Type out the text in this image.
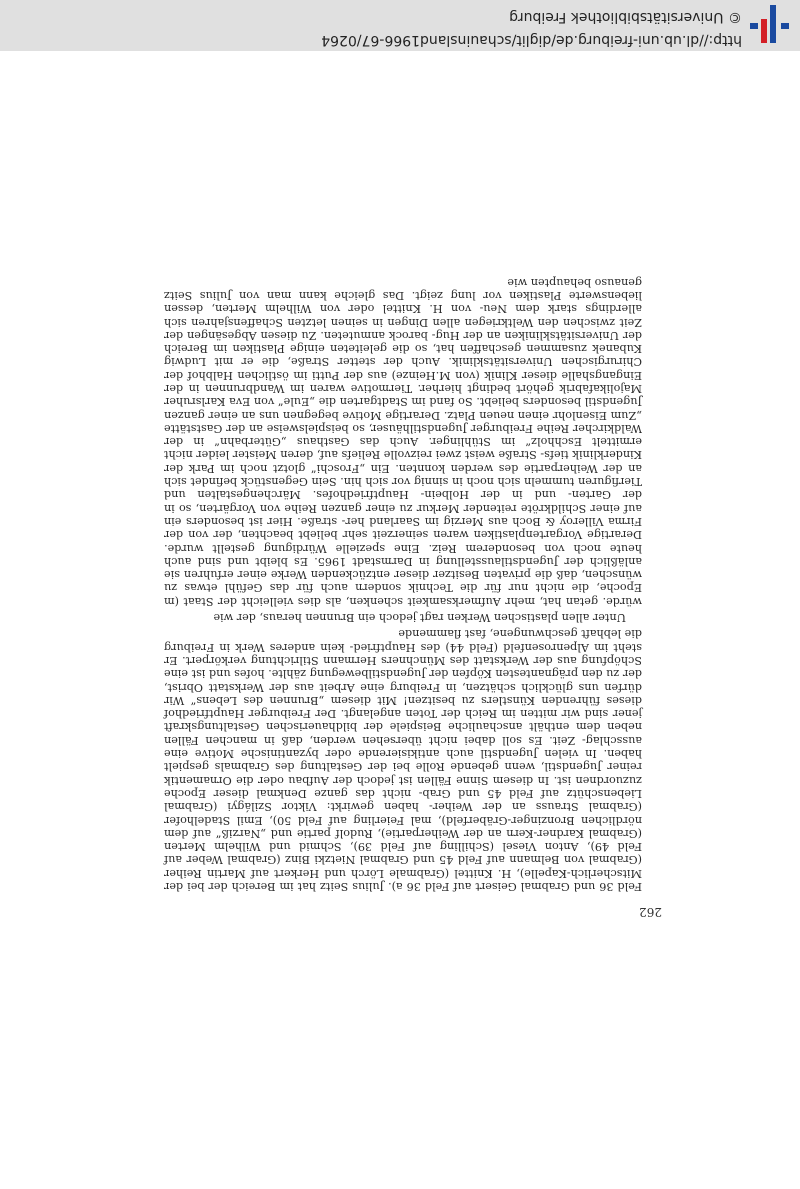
262

Feld 36 und Grabmal Geisert auf Feld 36 a). Julius Seitz hat im Bereich der bei der Mitscherlich-Kapelle), H. Knittel (Grabmale Lörch und Herkert auf Martin Reiher (Grabmal von Belmann auf Feld 45 und Grabmal Nietzki Binz (Grabmal Weber auf Feld 49), Anton Viesel (Schilling auf Feld 39), Schmid und Wilhelm Merten (Grabmal Kardner-Kern an der Weiherpartie), Rudolf partie und „Narziß“ auf dem nördlichen Bronzinger-Gräberfeld), mal Feierling auf Feld 50), Emil Stadelhofer (Grabmal Strauss an der Weiher- haben gewirkt: Viktor Szilágyi (Grabmal Liebenschütz auf Feld 45 und Grab- nicht das ganze Denkmal dieser Epoche zuzuordnen ist. In diesem Sinne Fällen ist jedoch der Aufbau oder die Ornamentik reiner Jugendstil, wenn gebende Rolle bei der Gestaltung des Grabmals gespielt haben. In vielen Jugendstil auch antikisierende oder byzantinische Motive eine ausschlag- Zeit. Es soll dabei nicht übersehen werden, daß in manchen Fällen neben dem enthält anschauliche Beispiele der bildhauerischen Gestaltungskraft jener sind wir mitten im Reich der Toten angelangt. Der Freiburger Hauptfriedhof dieses führenden Künstlers zu besitzen! Mit diesem „Brunnen des Lebens“ Wir dürfen uns glücklich schätzen, in Freiburg eine Arbeit aus der Werkstatt Obrist, der zu den prägnantesten Köpfen der Jugendstilbewegung zählte. hofes und ist eine Schöpfung aus der Werkstatt des Münchners Hermann Stilrichtung verkörpert. Er steht im Alpenrosenfeld (Feld 44) des Hauptfried- kein anderes Werk in Freiburg die lebhaft geschwungene, fast flammende

Unter allen plastischen Werken ragt jedoch ein Brunnen heraus, der wie

würde. getan hat, mehr Aufmerksamkeit schenken, als dies vielleicht der Staat (m Epoche, die nicht nur für die Technik sondern auch für das Gefühl etwas zu wünschen, daß die privaten Besitzer dieser entzückenden Werke einer erfuhren sie anläßlich der Jugendstilausstellung in Darmstadt 1965. Es bleibt und sind auch heute noch von besonderem Reiz. Eine spezielle Würdigung gestellt wurde. Derartige Vorgartenplastiken waren seinerzeit sehr beliebt beachten, der von der Firma Villeroy & Boch aus Merzig im Saarland her- straße. Hier ist besonders ein auf einer Schildkröte reitender Merkur zu einer ganzen Reihe von Vorgärten, so in der Garten- und in der Holbein- Hauptfriedhofes. Märchengestalten und Tierfiguren tummeln sich noch in sinnig vor sich hin. Sein Gegenstück befindet sich an der Weiherpartie des werden konnten. Ein „Froschi“ glotzt noch im Park der Kinderklinik tiefs- Straße weist zwei reizvolle Reliefs auf, deren Meister leider nicht ermittelt Eschholz“ im Stühlinger. Auch das Gasthaus „Güterbahn“ in der Waldkircher Reihe Freiburger Jugendstilhäuser, so beispielsweise an der Gaststätte „Zum Eisenlohr einen neuen Platz. Derartige Motive begegnen uns an einer ganzen Jugendstil besonders beliebt. So fand im Stadtgarten die „Eule“ von Eva Karlsruher Majolikafabrik gehört bedingt hierher. Tiermotive waren im Wandbrunnen in der Eingangshalle dieser Klinik (von M.Heinze) aus der Putti im östlichen Halbhof der Chirurgischen Universitätsklinik. Auch der stetter Straße, die er mit Ludwig Kubanek zusammen geschaffen hat, so die geleiteten einige Plastiken im Bereich der Universitätskliniken an der Hug- barock anmuteten. Zu diesen Abgesängen der Zeit zwischen den Weltkriegen allen Dingen in seinen letzten Schaffensjahren sich allerdings stark dem Neu- von H. Knittel oder von Wilhelm Merten, dessen liebenswerte Plastiken vor lung zeigt. Das gleiche kann man von Julius Seitz genauso behaupten wie

http://dl.ub.uni-freiburg.de/diglit/schauinsland1966-67/0264
© Universitätsbibliothek Freiburg
